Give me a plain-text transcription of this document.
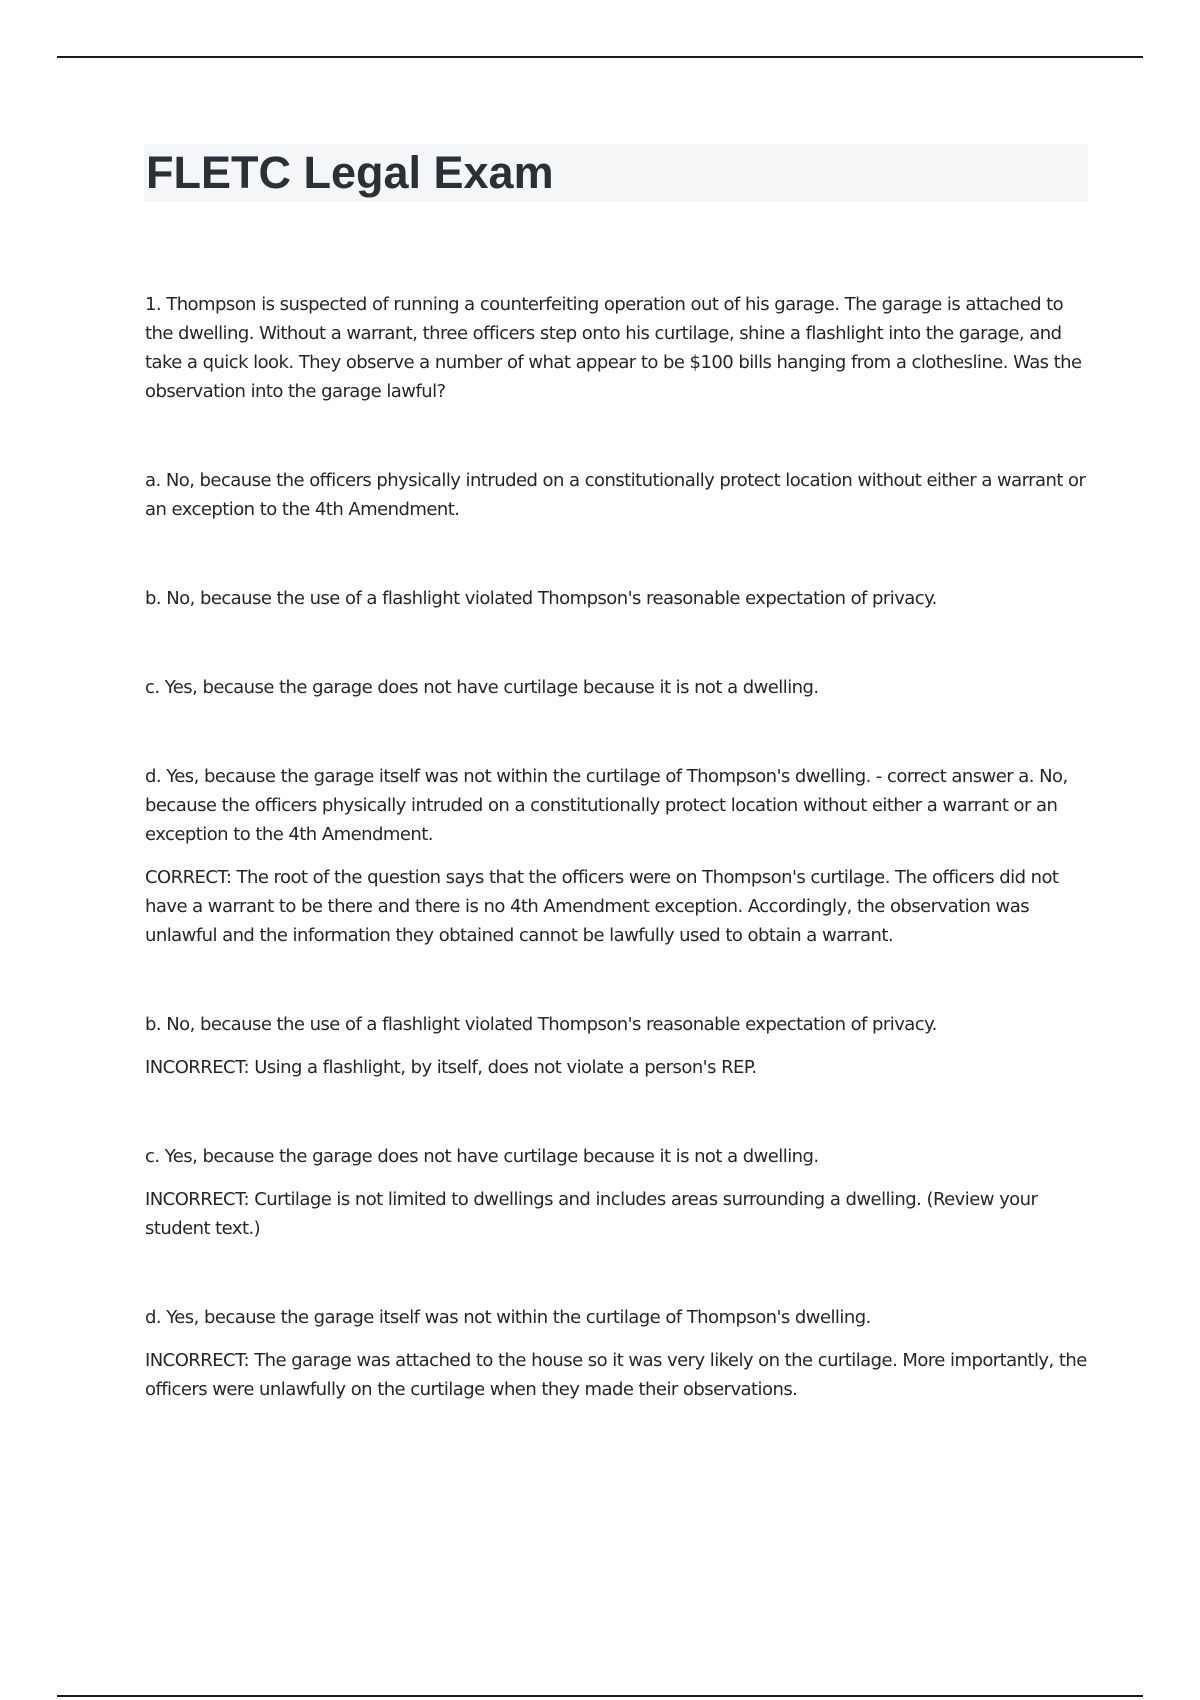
FLETC Legal Exam

1. Thompson is suspected of running a counterfeiting operation out of his garage. The garage is attached to the dwelling. Without a warrant, three officers step onto his curtilage, shine a flashlight into the garage, and take a quick look. They observe a number of what appear to be $100 bills hanging from a clothesline. Was the observation into the garage lawful?

a. No, because the officers physically intruded on a constitutionally protect location without either a warrant or an exception to the 4th Amendment.

b. No, because the use of a flashlight violated Thompson's reasonable expectation of privacy.

c. Yes, because the garage does not have curtilage because it is not a dwelling.

d. Yes, because the garage itself was not within the curtilage of Thompson's dwelling. - correct answer a. No, because the officers physically intruded on a constitutionally protect location without either a warrant or an exception to the 4th Amendment.

CORRECT: The root of the question says that the officers were on Thompson's curtilage. The officers did not have a warrant to be there and there is no 4th Amendment exception. Accordingly, the observation was unlawful and the information they obtained cannot be lawfully used to obtain a warrant.

b. No, because the use of a flashlight violated Thompson's reasonable expectation of privacy.

INCORRECT: Using a flashlight, by itself, does not violate a person's REP.

c. Yes, because the garage does not have curtilage because it is not a dwelling.

INCORRECT: Curtilage is not limited to dwellings and includes areas surrounding a dwelling. (Review your student text.)

d. Yes, because the garage itself was not within the curtilage of Thompson's dwelling.

INCORRECT: The garage was attached to the house so it was very likely on the curtilage. More importantly, the officers were unlawfully on the curtilage when they made their observations.
